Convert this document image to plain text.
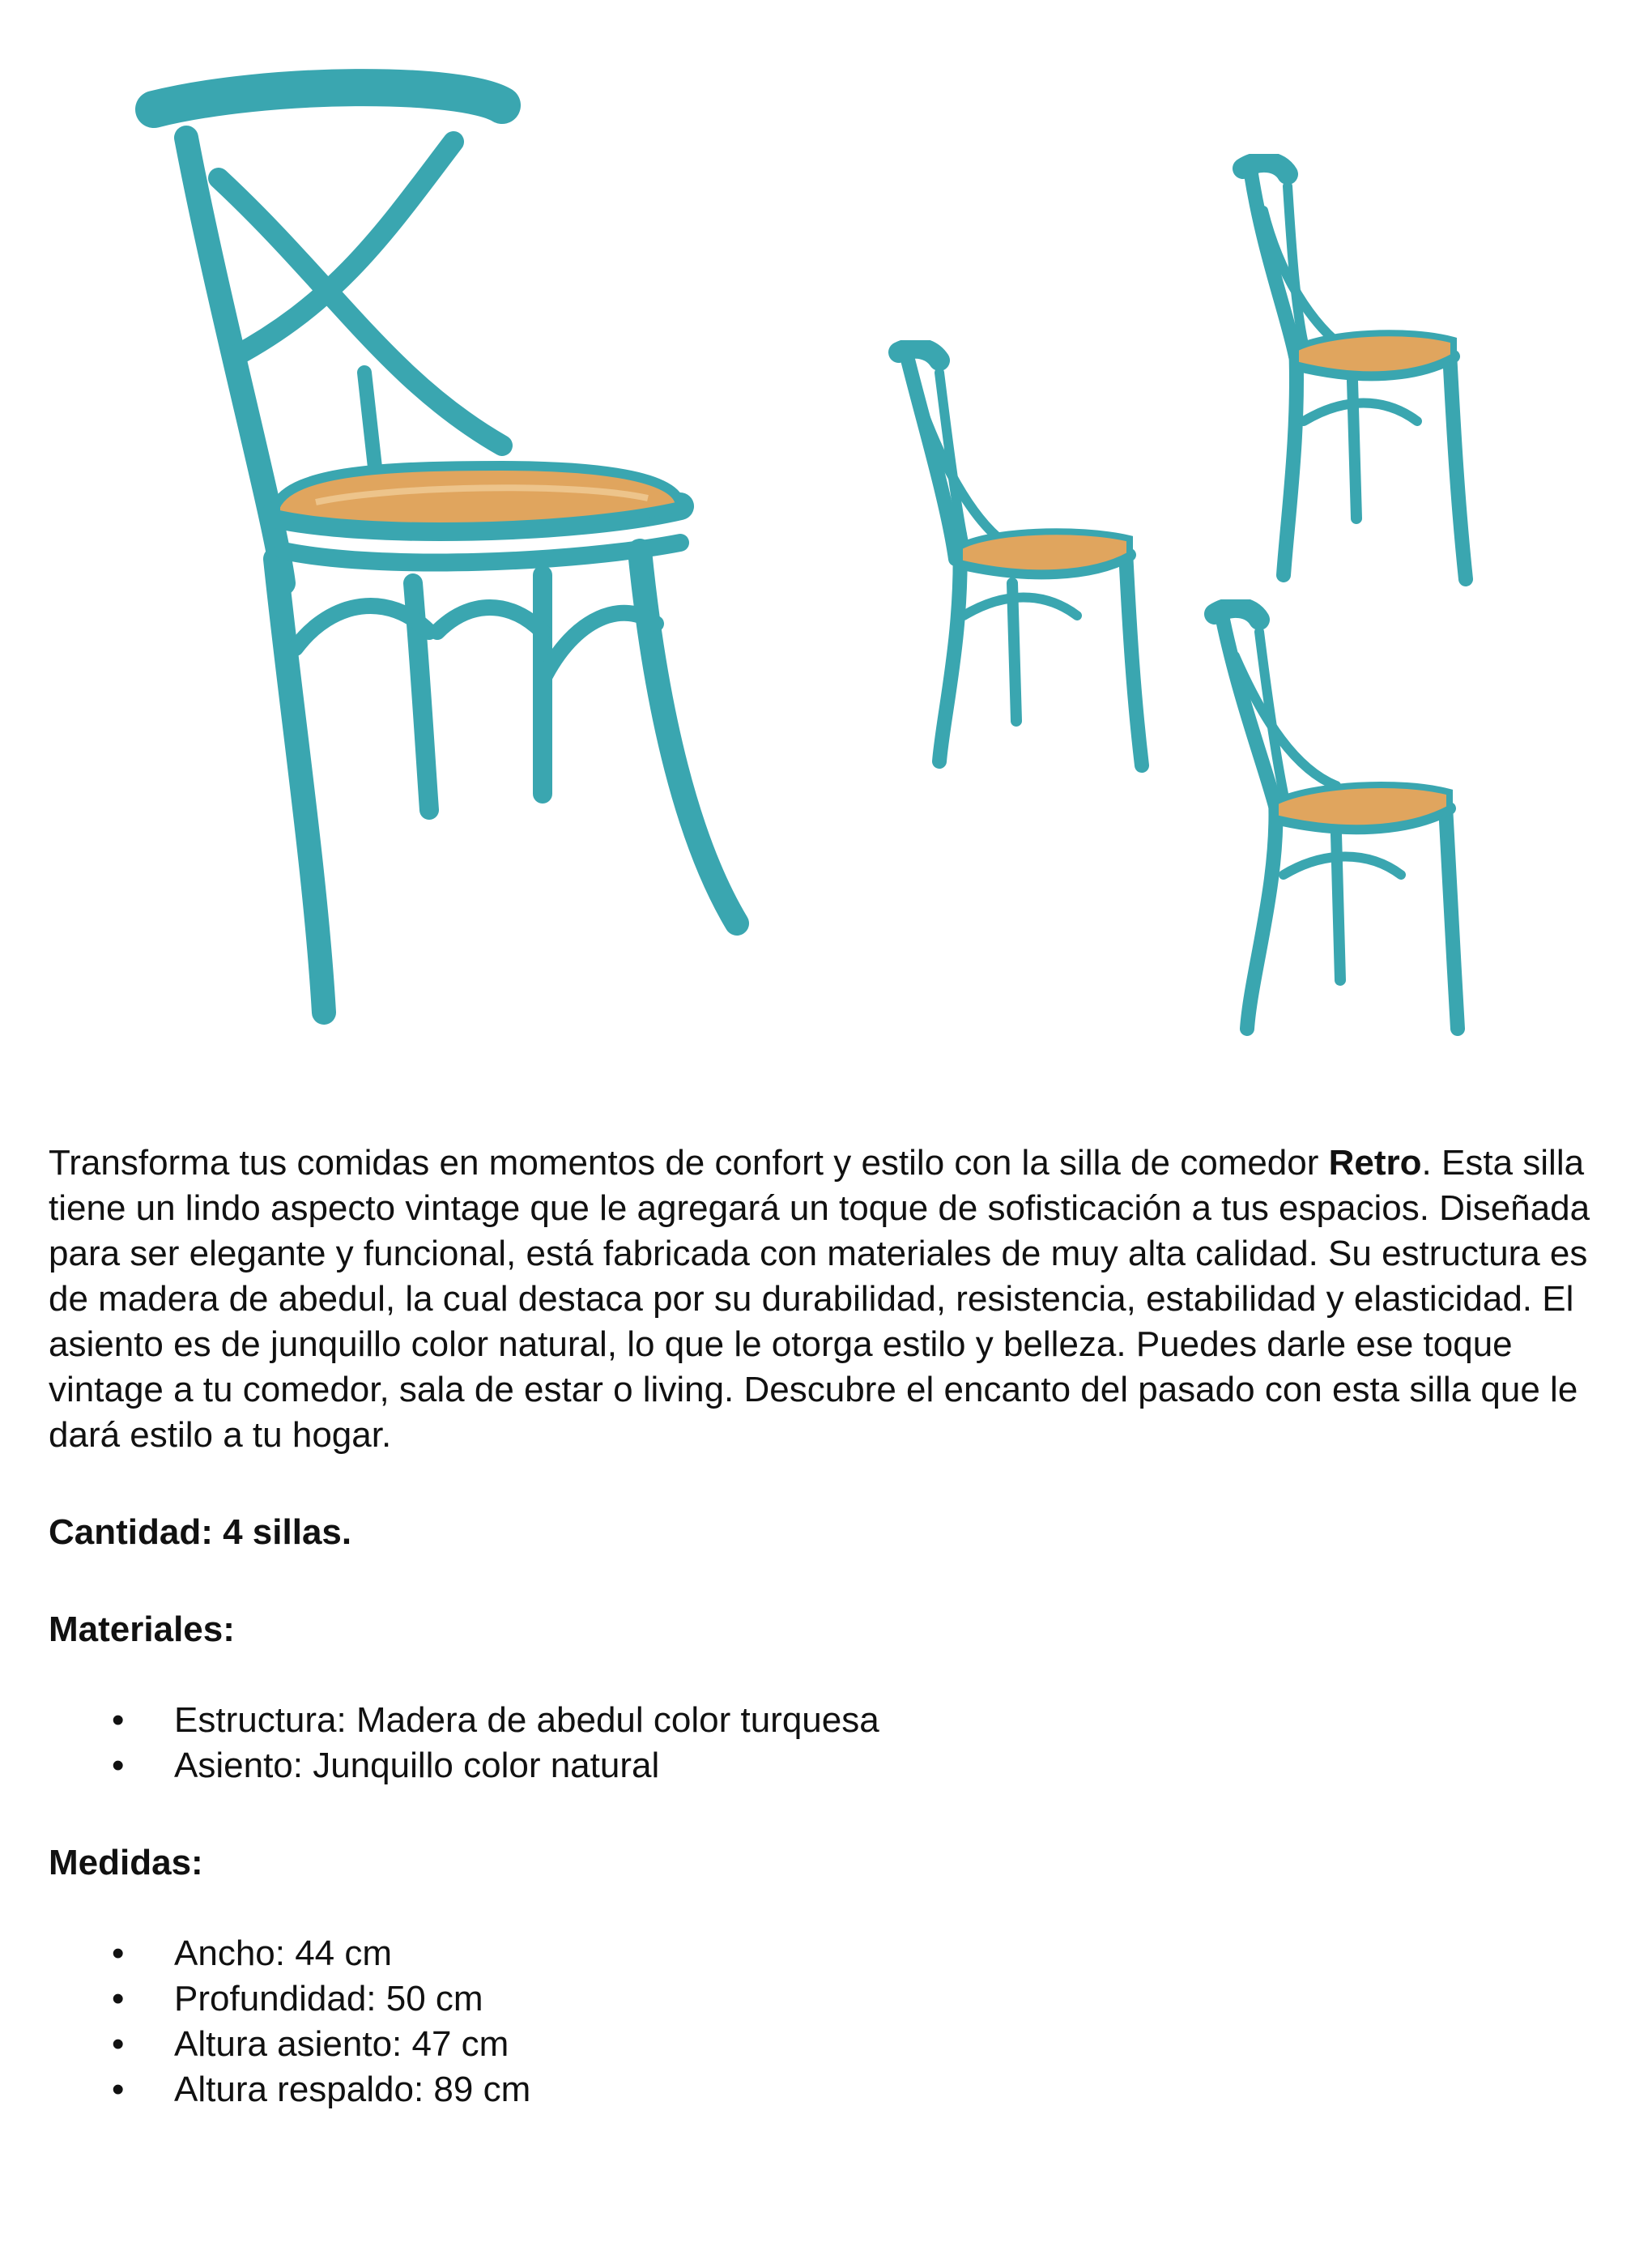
Transforma tus comidas en momentos de confort y estilo con la silla de comedor Retro. Esta silla tiene un lindo aspecto vintage que le agregará un toque de sofisticación a tus espacios. Diseñada para ser elegante y funcional, está fabricada con materiales de muy alta calidad. Su estructura es de madera de abedul, la cual destaca por su durabilidad, resistencia, estabilidad y elasticidad. El asiento es de junquillo color natural, lo que le otorga estilo y belleza. Puedes darle ese toque vintage a tu comedor, sala de estar o living. Descubre el encanto del pasado con esta silla que le dará estilo a tu hogar.

Cantidad: 4 sillas.

Materiales:

• Estructura: Madera de abedul color turquesa
• Asiento: Junquillo color natural

Medidas:

• Ancho: 44 cm
• Profundidad: 50 cm
• Altura asiento: 47 cm
• Altura respaldo: 89 cm
